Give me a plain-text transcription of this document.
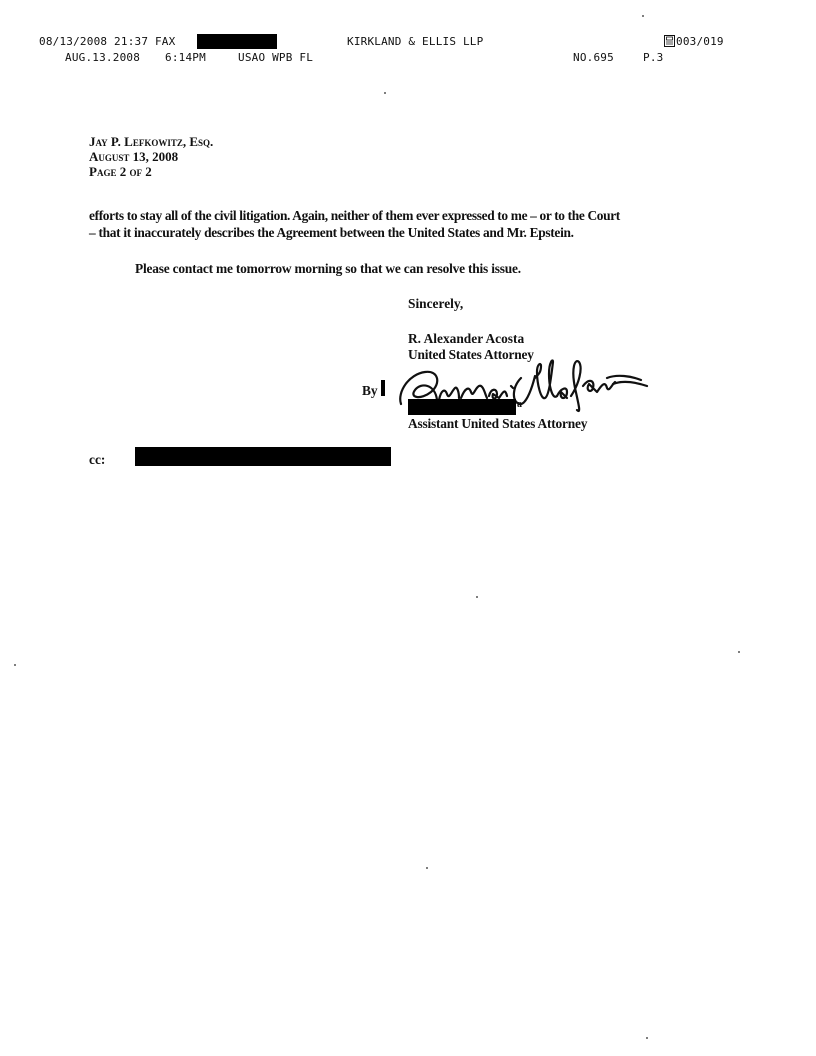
08/13/2008 21:37 FAX	KIRKLAND & ELLIS LLP	003/019
AUG.13.2008 6:14PM	USAO WPB FL	NO.695	P.3
Jay P. Lefkowitz, Esq.
August 13, 2008
Page 2 of 2
efforts to stay all of the civil litigation. Again, neither of them ever expressed to me – or to the Court
– that it inaccurately describes the Agreement between the United States and Mr. Epstein.
Please contact me tomorrow morning so that we can resolve this issue.
Sincerely,
R. Alexander Acosta
United States Attorney
By
a
Assistant United States Attorney
cc:
